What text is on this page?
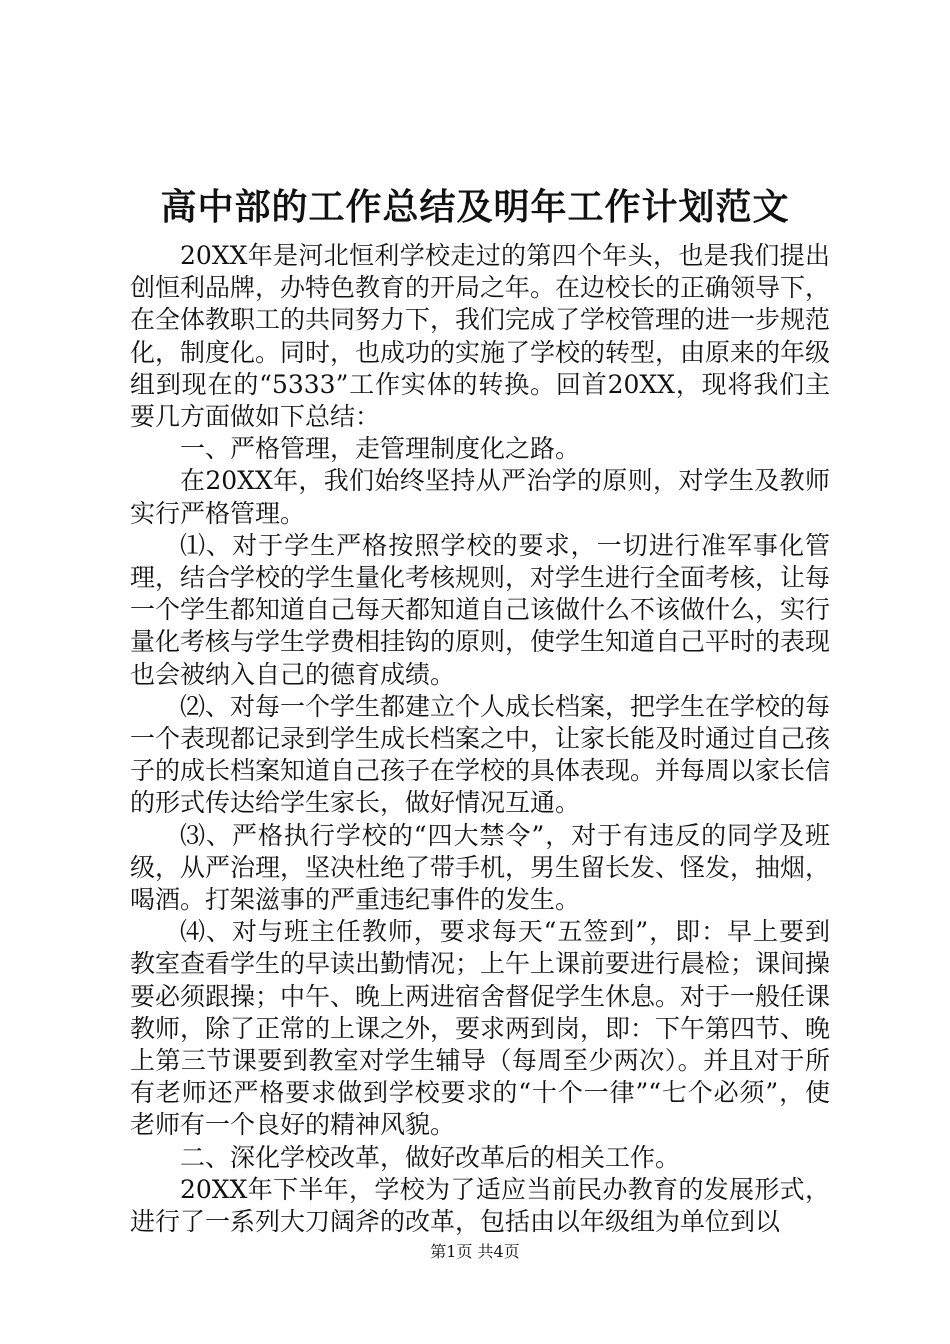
高中部的工作总结及明年工作计划范文

20XX年是河北恒利学校走过的第四个年头，也是我们提出创恒利品牌，办特色教育的开局之年。在边校长的正确领导下，在全体教职工的共同努力下，我们完成了学校管理的进一步规范化，制度化。同时，也成功的实施了学校的转型，由原来的年级组到现在的“5333”工作实体的转换。回首20XX，现将我们主要几方面做如下总结：

一、严格管理，走管理制度化之路。

在20XX年，我们始终坚持从严治学的原则，对学生及教师实行严格管理。

⑴、对于学生严格按照学校的要求，一切进行准军事化管理，结合学校的学生量化考核规则，对学生进行全面考核，让每一个学生都知道自己每天都知道自己该做什么不该做什么，实行量化考核与学生学费相挂钩的原则，使学生知道自己平时的表现也会被纳入自己的德育成绩。

⑵、对每一个学生都建立个人成长档案，把学生在学校的每一个表现都记录到学生成长档案之中，让家长能及时通过自己孩子的成长档案知道自己孩子在学校的具体表现。并每周以家长信的形式传达给学生家长，做好情况互通。

⑶、严格执行学校的“四大禁令”，对于有违反的同学及班级，从严治理，坚决杜绝了带手机，男生留长发、怪发，抽烟，喝酒。打架滋事的严重违纪事件的发生。

⑷、对与班主任教师，要求每天“五签到”，即：早上要到教室查看学生的早读出勤情况；上午上课前要进行晨检；课间操要必须跟操；中午、晚上两进宿舍督促学生休息。对于一般任课教师，除了正常的上课之外，要求两到岗，即：下午第四节、晚上第三节课要到教室对学生辅导（每周至少两次）。并且对于所有老师还严格要求做到学校要求的“十个一律”“七个必须”，使老师有一个良好的精神风貌。

二、深化学校改革，做好改革后的相关工作。

20XX年下半年，学校为了适应当前民办教育的发展形式，进行了一系列大刀阔斧的改革，包括由以年级组为单位到以

第1页 共4页
